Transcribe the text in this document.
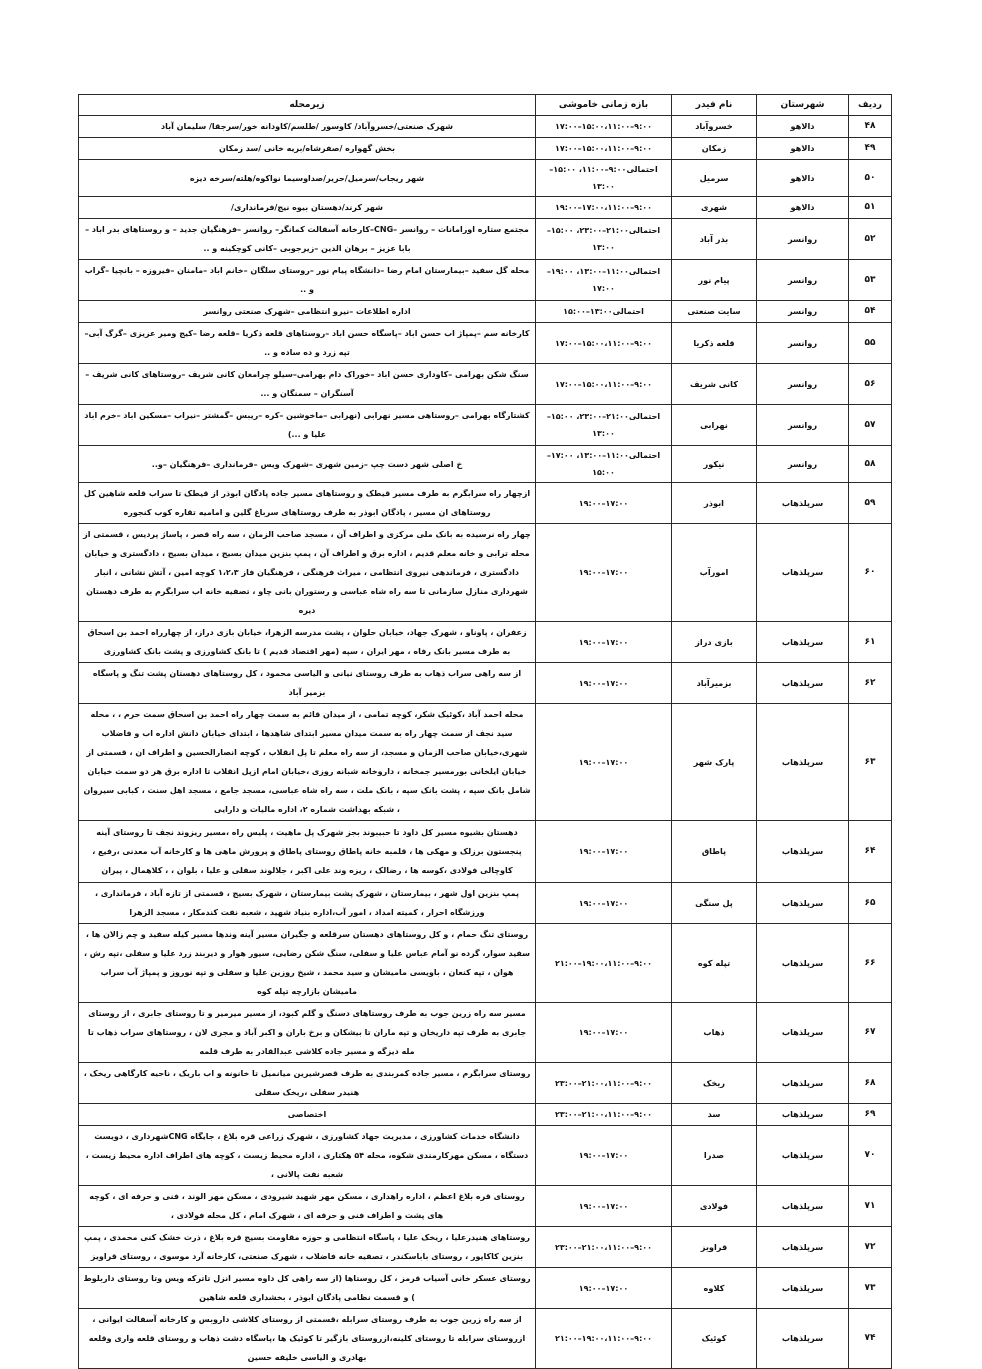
ردیف	شهرستان	نام فیدر	بازه زمانی خاموشی	زیرمحله
۴۸	دالاهو	خسروآباد	۱۷:۰۰–۱۵:۰۰،۱۱:۰۰–۹:۰۰	شهرک صنعتی/خسروآباد/ کاوسور /طلسم/کاودانه خور/سرجقا/ سلیمان آباد
۴۹	دالاهو	زمکان	۱۷:۰۰–۱۵:۰۰،۱۱:۰۰–۹:۰۰	بخش گهواره /صفرشاه/بریه خانی /سد زمکان
۵۰	دالاهو	سرمیل	احتمالی۹:۰۰–۱۱:۰۰، ۱۵:۰۰–۱۳:۰۰	شهر ریجاب/سرمیل/حریر/صداوسیما نواکوه/هلته/سرخه دیزه
۵۱	دالاهو	شهری	۱۹:۰۰–۱۷:۰۰،۱۱:۰۰–۹:۰۰	شهر کرند/دهستان بیوه نیج/فرمانداری/
۵۲	روانسر	بدر آباد	احتمالی۲۱:۰۰–۲۳:۰۰، ۱۵:۰۰–۱۳:۰۰	مجتمع ستاره اورامانات – روانسر –CNG–کارخانه آسفالت کمانگر– روانسر –فرهنگیان جدید – و روستاهای بدر اباد – بابا عزیز – برهان الدین –زیرجوبی –کانی کوچکینه و ..
۵۳	روانسر	پیام نور	احتمالی۱۱:۰۰–۱۳:۰۰، ۱۹:۰۰–۱۷:۰۰	محله گل سفید –بیمارستان امام رضا –دانشگاه پیام نور –روستای سلگان –خانم اباد –مامنان –فیروزه – بانچیا –گراب و ..
۵۴	روانسر	سایت صنعتی	۱۵:۰۰–۱۳:۰۰احتمالی	اداره اطلاعات –نیرو انتظامی –شهرک صنعتی روانسر
۵۵	روانسر	قلعه ذکریا	۱۷:۰۰–۱۵:۰۰،۱۱:۰۰–۹:۰۰	کارخانه سم –پمپاژ اب حسن اباد –پاسگاه حسن اباد –روستاهای قلعه ذکریا –قلعه رضا –کیج ومیر عزیزی –گرگ آبی–تپه زرد و ده ساده و ..
۵۶	روانسر	کانی شریف	۱۷:۰۰–۱۵:۰۰،۱۱:۰۰–۹:۰۰	سنگ شکن بهرامی –کاوداری حسن اباد –خوراک دام بهرامی–سیلو چرامغان کانی شریف –روستاهای کانی شریف –آسنگران – سمنگان و ...
۵۷	روانسر	نهرابی	احتمالی۲۱:۰۰–۲۳:۰۰، ۱۵:۰۰–۱۳:۰۰	کشتارگاه بهرامی –روستاهی مسیر نهرابی (نهرابی –ماخوشین –کره –ریبس –گمشتر –نیراب –مسکین اباد –خرم اباد علیا و ...)
۵۸	روانسر	نیکور	احتمالی۱۱:۰۰–۱۳:۰۰، ۱۷:۰۰–۱۵:۰۰	خ اصلی شهر دست چپ –زمین شهری –شهرک ویس –فرمانداری –فرهنگیان –و..
۵۹	سرپلذهاب	ابوذر	۱۹:۰۰–۱۷:۰۰	ازچهار راه سرابگرم به طرف مسیر قیطک و روستاهای مسیر جاده پادگان ابوذر از قیطک تا سراب قلعه شاهین کل روستاهای ان مسیر ، پادگان ابوذر به طرف روستاهای سرباغ گلین و امامیه تقاره کوب کنجوره
۶۰	سرپلذهاب	امورآب	۱۹:۰۰–۱۷:۰۰	چهار راه نرسیده به بانک ملی مرکزی و اطراف آن ، مسجد صاحب الزمان ، سه راه قصر ، پاساژ پردیس ، قسمتی از محله ترابی و خانه معلم قدیم ، اداره برق و اطراف آن ، پمپ بنزین میدان بسیج ، میدان بسیج ، دادگستری و خیابان دادگستری ، فرماندهی نیروی انتظامی ، میراث فرهنگی ، فرهنگیان فاز ۱،۲،۳ کوچه امین ، آتش نشانی ، انبار شهرداری منازل سازمانی تا سه راه شاه عباسی و رستوران بانی چاو ، تصفیه خانه اب سرابگرم به طرف دهستان دیره
۶۱	سرپلذهاب	بازی دراز	۱۹:۰۰–۱۷:۰۰	زعفران ، پاوناو ، شهرک جهاد، خیابان حلوان ، پشت مدرسه الزهرا، خیابان بازی دراز، از چهارراه احمد بن اسحاق به طرف مسیر بانک رفاه ، مهر ایران ، سپه (مهر اقتصاد قدیم ) تا بانک کشاورزی و پشت بانک کشاورزی
۶۲	سرپلذهاب	بزمیرآباد	۱۹:۰۰–۱۷:۰۰	از سه راهی سراب ذهاب به طرف روستای نیانی و الیاسی محمود ، کل روستاهای دهستان پشت تنگ و پاسگاه بزمیر آباد
۶۳	سرپلذهاب	پارک شهر	۱۹:۰۰–۱۷:۰۰	محله احمد آباد ،کوئیک شکر، کوچه تمامی ، از میدان قائم به سمت چهار راه احمد بن اسحاق سمت حرم ، ، محله سید نجف از سمت چهار راه به سمت میدان مسیر ابتدای شاهدها ، ابتدای خیابان دانش اداره اب و فاضلاب شهری،خیابان صاحب الزمان و مسجد، از سه راه معلم تا پل انقلاب ، کوچه انصارالحسین و اطراف ان ، قسمتی از خیابان ایلخانی بورمسیر جمخانه ، داروخانه شبانه روزی ،خیابان امام ازپل انقلاب تا اداره برق هر دو سمت خیابان شامل بانک سپه ، پشت بانک سپه ، بانک ملت ، سه راه شاه عباسی، مسجد جامع ، مسجد اهل سنت ، کبابی سیروان ، شبکه بهداشت شماره ۲، اداره مالیات و دارایی
۶۴	سرپلذهاب	پاطاق	۱۹:۰۰–۱۷:۰۰	دهستان بشیوه مسیر کل داود تا حبیبوند بجز شهرک پل ماهیت ، پلیس راه ،مسیر ریزوند نجف تا روستای آینه پنجستون برزلک و مهکی ها ، قلمبه خانه پاطاق روستای پاطاق و پرورش ماهی ها و کارخانه آب معدنی ،رفیع ، کاوچالی فولادی ،کوسه ها ، رضالک ، ریزه وند علی اکبر ، جلالوند سفلی و علیا ، بلوان ، ، کلاهمال ، پیران
۶۵	سرپلذهاب	پل سنگی	۱۹:۰۰–۱۷:۰۰	پمپ بنزین اول شهر ، بیمارستان ، شهرک پشت بیمارستان ، شهرک بسیج ، قسمتی از تازه آباد ، فرمانداری ، ورزشگاه احرار ، کمیته امداد ، امور آب،اداره بنیاد شهید ، شعبه نفت کندمکار ، مسجد الزهرا
۶۶	سرپلذهاب	تپله کوه	۲۱:۰۰–۱۹:۰۰،۱۱:۰۰–۹:۰۰	روستای تنگ حمام ، و کل روستاهای دهستان سرقلعه و جگیران مسیر آینه وندها مسیر کیله سفید و چم زالان ها ، سفید سوار، گرده نو آمام عباس علیا و سفلی، سنگ شکن رضایی، سیور هوار و دیربند زرد علیا و سفلی ،تپه رش ، هوان ، تپه کنعان ، باویسی مامیشان و سید محمد ، شیخ روزین علیا و سفلی و تپه نوروز و پمپاژ آب سراب مامیشان بازارچه تپله کوه
۶۷	سرپلذهاب	ذهاب	۱۹:۰۰–۱۷:۰۰	مسیر سه راه زرین جوب به طرف روستاهای دسنگ و گلم کبود، از مسیر میرمیر و تا روستای جابری ، از روستای جابری به طرف تپه داریخان و تپه ماران تا بیشکان و برخ باران و اکبر آباد و مجری لان ، روستاهای سراب ذهاب تا مله دیزگه و مسیر جاده کلاشی عبدالقادر به طرف قلمه
۶۸	سرپلذهاب	ریخک	۲۳:۰۰–۲۱:۰۰،۱۱:۰۰–۹:۰۰	روستای سرابگرم ، مسیر جاده کمربندی به طرف قصرشیرین میانمیل تا خانونه و اب باریک ، ناحیه کارگاهی ریخک ، هنیدر سفلی ،ریخک سفلی
۶۹	سرپلذهاب	سد	۲۳:۰۰–۲۱:۰۰،۱۱:۰۰–۹:۰۰	اختصاصی
۷۰	سرپلذهاب	صدرا	۱۹:۰۰–۱۷:۰۰	دانشگاه خدمات کشاورزی ، مدیریت جهاد کشاورزی ، شهرک زراعی قره بلاغ ، جایگاه CNGشهرداری ، دویست دستگاه ، مسکن مهرکارمندی شکوه، محله ۵۴ هکتاری ، اداره محیط زیست ، کوچه های اطراف اداره محیط زیست ، شعبه نفت پالانی ،
۷۱	سرپلذهاب	فولادی	۱۹:۰۰–۱۷:۰۰	روستای قره بلاغ اعظم ، اداره راهداری ، مسکن مهر شهید شیرودی ، مسکن مهر الوند ، فنی و حرفه ای ، کوچه های پشت و اطراف فنی و حرفه ای ، شهرک امام ، کل محله فولادی ،
۷۲	سرپلذهاب	قراویز	۲۳:۰۰–۲۱:۰۰،۱۱:۰۰–۹:۰۰	روستاهای هنیدرعلیا ، ریخک علیا ، پاسگاه انتظامی و حوزه مقاومت بسیج قره بلاغ ، ذرت خشک کنی محمدی ، پمپ بنزین کاکاپور ، روستای باباسکندر ، تصفیه خانه فاضلاب ، شهرک صنعتی، کارخانه آرد موسوی ، روستای قراویز
۷۳	سرپلذهاب	کلاوه	۱۹:۰۰–۱۷:۰۰	روستای عسکر خانی آسیاب قرمز ، کل روستاها (از سه راهی کل داوه مسیر انزل تاترکه ویس وتا روستای داربلوط ) و قسمت نظامی پادگان ابوذر ، بخشداری قلعه شاهین
۷۴	سرپلذهاب	کوئیک	۲۱:۰۰–۱۹:۰۰،۱۱:۰۰–۹:۰۰	از سه راه زرین جوب به طرف روستای سرابله ،قسمتی از روستای کلاشی داروبس و کارخانه آسفالت ایوانی ، ازروستای سرابله تا روستای کلینه،ازروستای بازگیر تا کوئیک ها ،پاسگاه دشت ذهاب و روستای قلعه واری وقلعه بهادری و الیاسی خلیفه حسین
